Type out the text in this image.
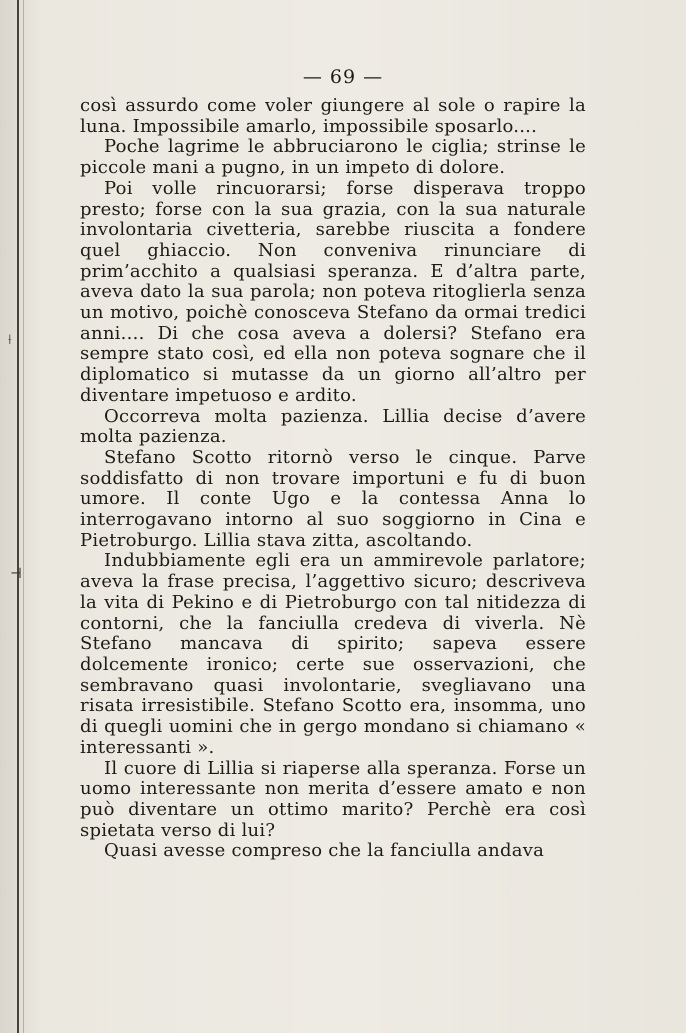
⟊
⊣
— 69 —

così assurdo come voler giungere al sole o rapire la luna. Impossibile amarlo, impossibile sposarlo....

Poche lagrime le abbruciarono le ciglia; strinse le piccole mani a pugno, in un impeto di dolore.

Poi volle rincuorarsi; forse disperava troppo presto; forse con la sua grazia, con la sua naturale involontaria civetteria, sarebbe riuscita a fondere quel ghiaccio. Non conveniva rinunciare di prim’acchito a qualsiasi speranza. E d’altra parte, aveva dato la sua parola; non poteva ritoglierla senza un motivo, poichè conosceva Stefano da ormai tredici anni.... Di che cosa aveva a dolersi? Stefano era sempre stato così, ed ella non poteva sognare che il diplomatico si mutasse da un giorno all’altro per diventare impetuoso e ardito.

Occorreva molta pazienza. Lillia decise d’avere molta pazienza.

Stefano Scotto ritornò verso le cinque. Parve soddisfatto di non trovare importuni e fu di buon umore. Il conte Ugo e la contessa Anna lo interrogavano intorno al suo soggiorno in Cina e Pietroburgo. Lillia stava zitta, ascoltando.

Indubbiamente egli era un ammirevole parlatore; aveva la frase precisa, l’aggettivo sicuro; descriveva la vita di Pekino e di Pietroburgo con tal nitidezza di contorni, che la fanciulla credeva di viverla. Nè Stefano mancava di spirito; sapeva essere dolcemente ironico; certe sue osservazioni, che sembravano quasi involontarie, svegliavano una risata irresistibile. Stefano Scotto era, insomma, uno di quegli uomini che in gergo mondano si chiamano « interessanti ».

Il cuore di Lillia si riaperse alla speranza. Forse un uomo interessante non merita d’essere amato e non può diventare un ottimo marito? Perchè era così spietata verso di lui?

Quasi avesse compreso che la fanciulla andava
